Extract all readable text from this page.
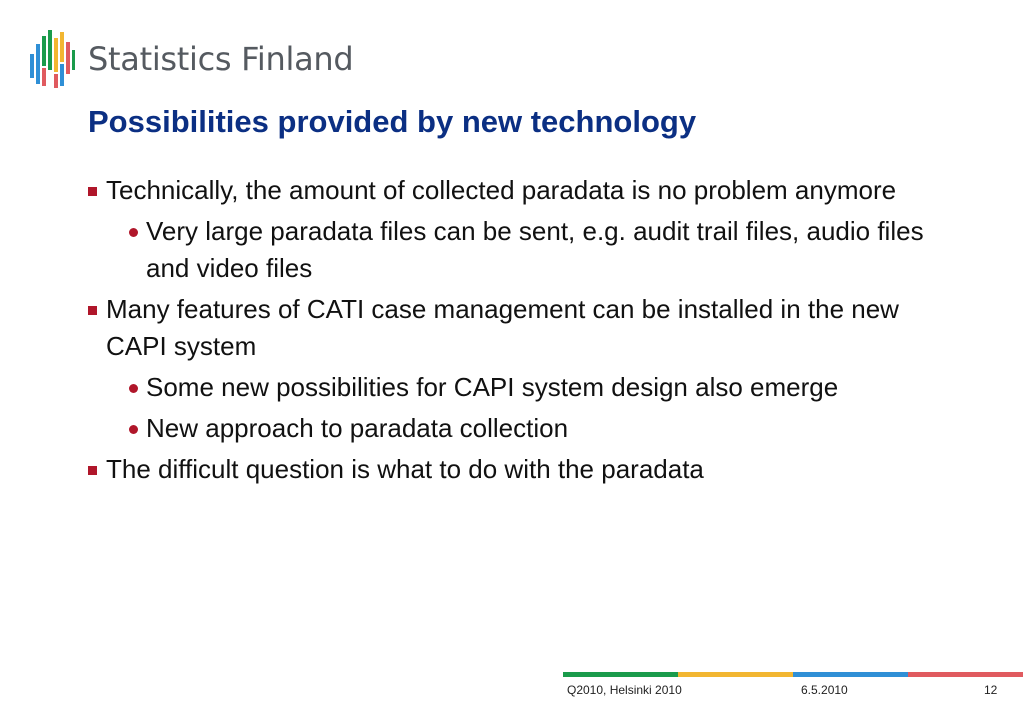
Statistics Finland
Possibilities provided by new technology
Technically, the amount of collected paradata is no problem anymore
Very large paradata files can be sent, e.g. audit trail files, audio files and video files
Many features of CATI case management can be installed in the new CAPI system
Some new possibilities for CAPI system design also emerge
New approach to paradata collection
The difficult question is what to do with the paradata
Q2010, Helsinki 2010	6.5.2010	12
